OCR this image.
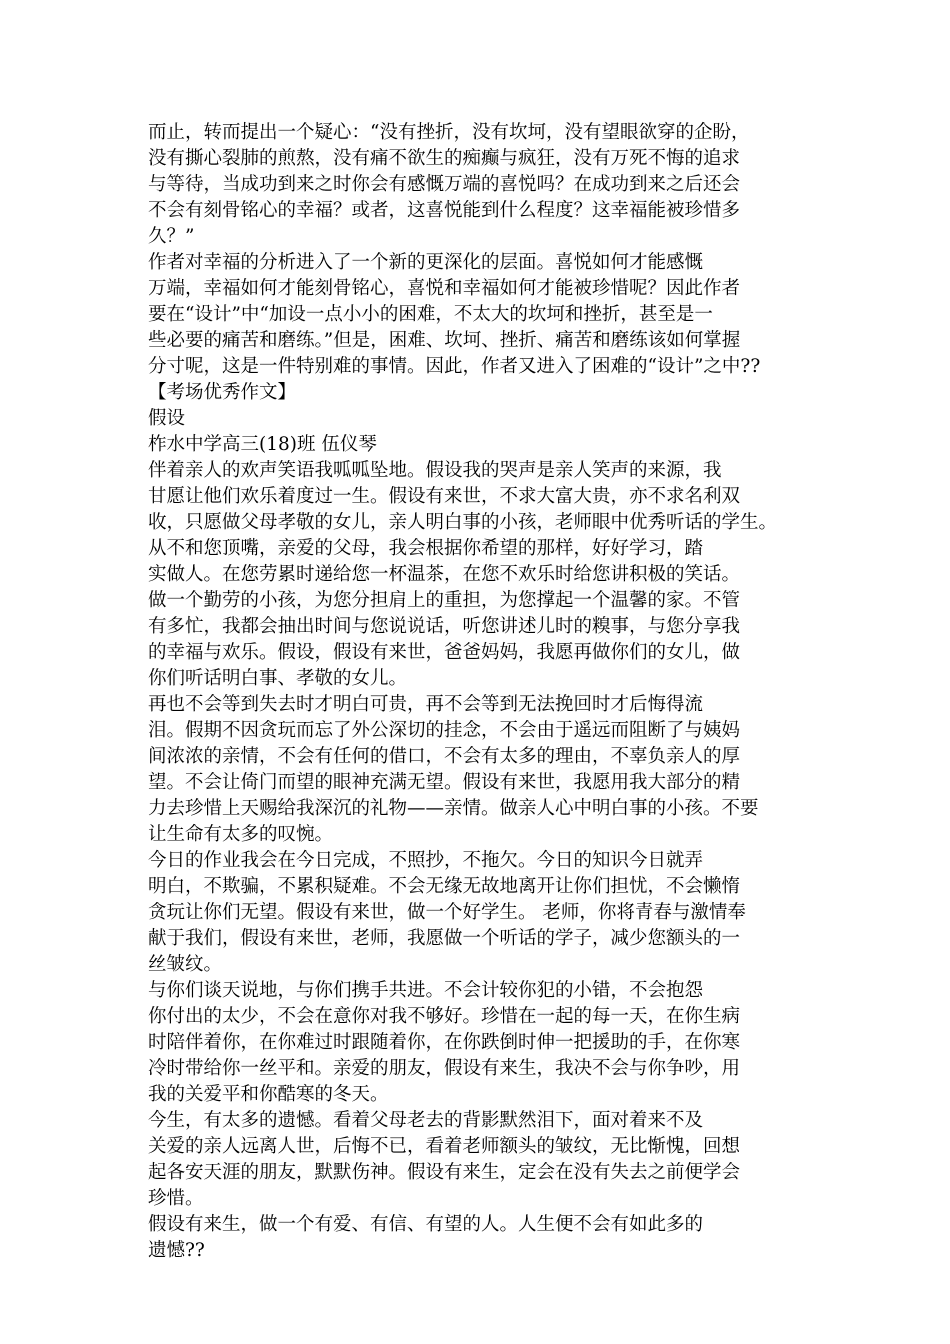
而止，转而提出一个疑心：“没有挫折，没有坎坷，没有望眼欲穿的企盼，
没有撕心裂肺的煎熬，没有痛不欲生的痴癫与疯狂，没有万死不悔的追求
与等待，当成功到来之时你会有感慨万端的喜悦吗？在成功到来之后还会
不会有刻骨铭心的幸福？或者，这喜悦能到什么程度？这幸福能被珍惜多
久？”
作者对幸福的分析进入了一个新的更深化的层面。喜悦如何才能感慨
万端，幸福如何才能刻骨铭心，喜悦和幸福如何才能被珍惜呢？因此作者
要在“设计”中“加设一点小小的困难，不太大的坎坷和挫折，甚至是一
些必要的痛苦和磨练。”但是，困难、坎坷、挫折、痛苦和磨练该如何掌握
分寸呢，这是一件特别难的事情。因此，作者又进入了困难的“设计”之中??
【考场优秀作文】
假设
柞水中学高三(18)班 伍仪琴
伴着亲人的欢声笑语我呱呱坠地。假设我的哭声是亲人笑声的来源，我
甘愿让他们欢乐着度过一生。假设有来世，不求大富大贵，亦不求名利双
收，只愿做父母孝敬的女儿，亲人明白事的小孩，老师眼中优秀听话的学生。
从不和您顶嘴，亲爱的父母，我会根据你希望的那样，好好学习，踏
实做人。在您劳累时递给您一杯温茶，在您不欢乐时给您讲积极的笑话。
做一个勤劳的小孩，为您分担肩上的重担，为您撑起一个温馨的家。不管
有多忙，我都会抽出时间与您说说话，听您讲述儿时的糗事，与您分享我
的幸福与欢乐。假设，假设有来世，爸爸妈妈，我愿再做你们的女儿，做
你们听话明白事、孝敬的女儿。
再也不会等到失去时才明白可贵，再不会等到无法挽回时才后悔得流
泪。假期不因贪玩而忘了外公深切的挂念，不会由于遥远而阻断了与姨妈
间浓浓的亲情，不会有任何的借口，不会有太多的理由，不辜负亲人的厚
望。不会让倚门而望的眼神充满无望。假设有来世，我愿用我大部分的精
力去珍惜上天赐给我深沉的礼物——亲情。做亲人心中明白事的小孩。不要
让生命有太多的叹惋。
今日的作业我会在今日完成，不照抄，不拖欠。今日的知识今日就弄
明白，不欺骗，不累积疑难。不会无缘无故地离开让你们担忧，不会懒惰
贪玩让你们无望。假设有来世，做一个好学生。 老师，你将青春与激情奉
献于我们，假设有来世，老师，我愿做一个听话的学子，减少您额头的一
丝皱纹。
与你们谈天说地，与你们携手共进。不会计较你犯的小错，不会抱怨
你付出的太少，不会在意你对我不够好。珍惜在一起的每一天，在你生病
时陪伴着你，在你难过时跟随着你，在你跌倒时伸一把援助的手，在你寒
冷时带给你一丝平和。亲爱的朋友，假设有来生，我决不会与你争吵，用
我的关爱平和你酷寒的冬天。
今生，有太多的遗憾。看着父母老去的背影默然泪下，面对着来不及
关爱的亲人远离人世，后悔不已，看着老师额头的皱纹，无比惭愧，回想
起各安天涯的朋友，默默伤神。假设有来生，定会在没有失去之前便学会
珍惜。
假设有来生，做一个有爱、有信、有望的人。人生便不会有如此多的
遗憾??
